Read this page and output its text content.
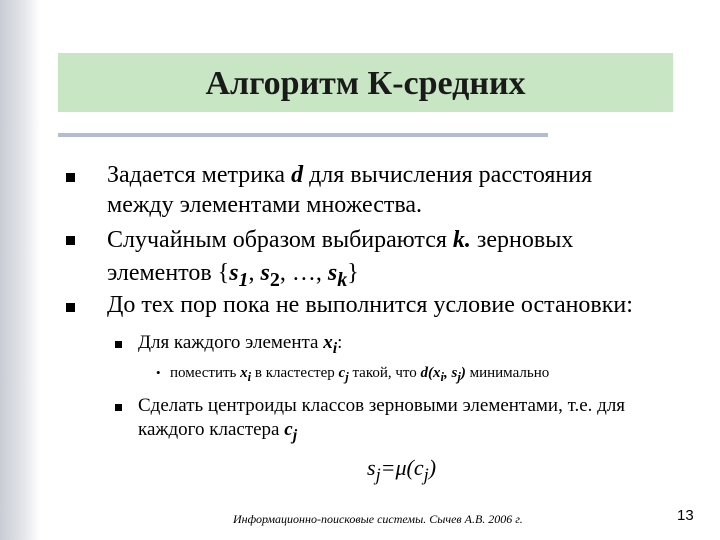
Алгоритм К-средних
Задается метрика d для вычисления расстояния
между элементами множества.
Случайным образом выбираются k. зерновых
элементов {$s_1$, $s_2$, …, $s_k$}
До тех пор пока не выполнится условие остановки:
Для каждого элемента $x_i$:
• поместить $x_i$ в кластестер $c_j$ такой, что $d(x_i$, $s_j$) минимально
Сделать центроиды классов зерновыми элементами, т.е. для
каждого кластера $c_j$
$s_j=\mu(c_j)$
Информационно-поисковые системы. Сычев А.В. 2006 г.	13
